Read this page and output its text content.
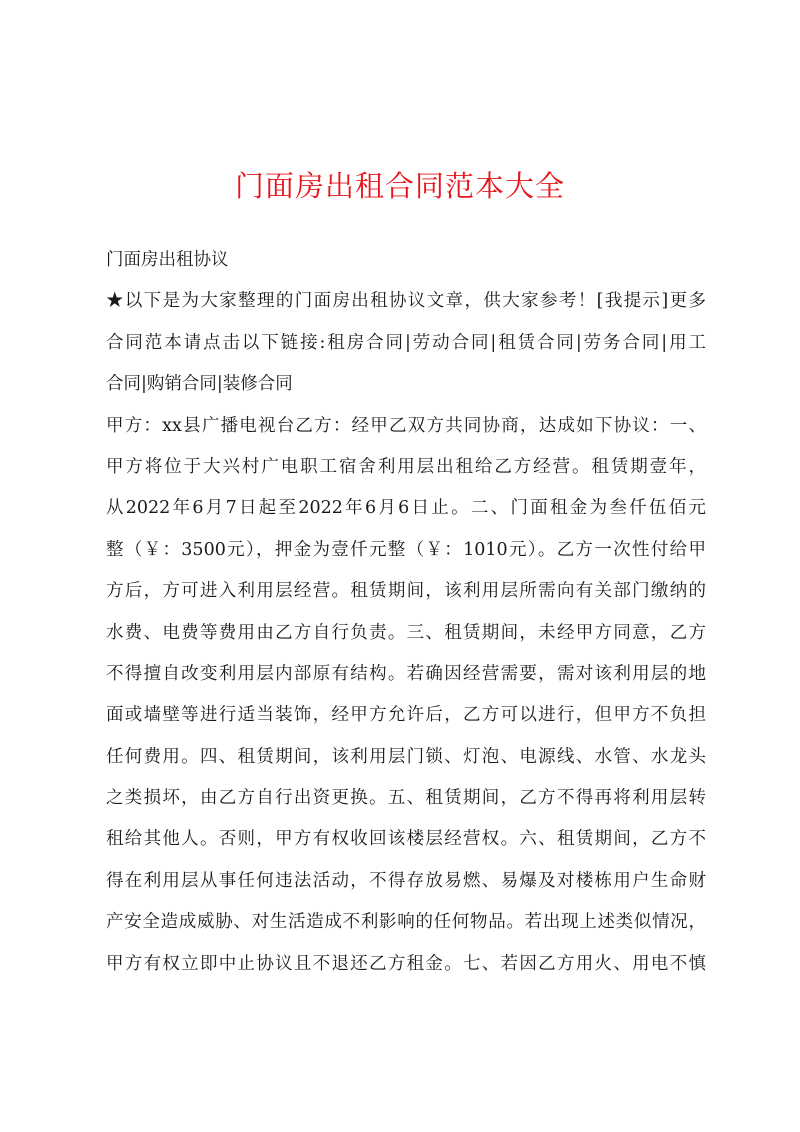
门面房出租合同范本大全
门面房出租协议
★以下是为大家整理的门面房出租协议文章，供大家参考！[我提示]更多
合同范本请点击以下链接:租房合同|劳动合同|租赁合同|劳务合同|用工
合同|购销合同|装修合同
甲方：xx县广播电视台乙方：经甲乙双方共同协商，达成如下协议：一、
甲方将位于大兴村广电职工宿舍利用层出租给乙方经营。租赁期壹年，
从2022年6月7日起至2022年6月6日止。二、门面租金为叁仟伍佰元
整（￥：3500元），押金为壹仟元整（￥：1010元）。乙方一次性付给甲
方后，方可进入利用层经营。租赁期间，该利用层所需向有关部门缴纳的
水费、电费等费用由乙方自行负责。三、租赁期间，未经甲方同意，乙方
不得擅自改变利用层内部原有结构。若确因经营需要，需对该利用层的地
面或墙壁等进行适当装饰，经甲方允许后，乙方可以进行，但甲方不负担
任何费用。四、租赁期间，该利用层门锁、灯泡、电源线、水管、水龙头
之类损坏，由乙方自行出资更换。五、租赁期间，乙方不得再将利用层转
租给其他人。否则，甲方有权收回该楼层经营权。六、租赁期间，乙方不
得在利用层从事任何违法活动，不得存放易燃、易爆及对楼栋用户生命财
产安全造成威胁、对生活造成不利影响的任何物品。若出现上述类似情况，
甲方有权立即中止协议且不退还乙方租金。七、若因乙方用火、用电不慎
